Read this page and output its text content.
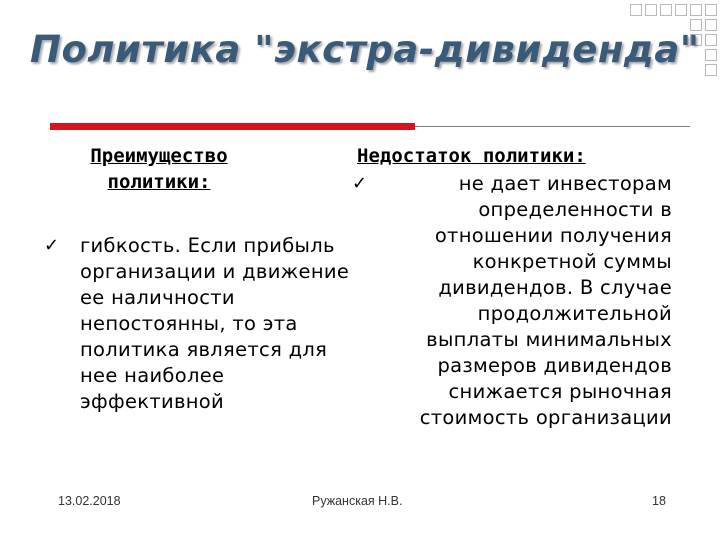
Политика "экстра-дивиденда"
Преимущество
политики:
✓ гибкость. Если прибыль организации и движение ее наличности непостоянны, то эта политика является для нее наиболее эффективной
Недостаток политики:
✓	не дает инвесторам определенности в отношении получения конкретной суммы дивидендов. В случае продолжительной выплаты минимальных размеров дивидендов снижается рыночная стоимость организации
13.02.2018	Ружанская Н.В.	18
